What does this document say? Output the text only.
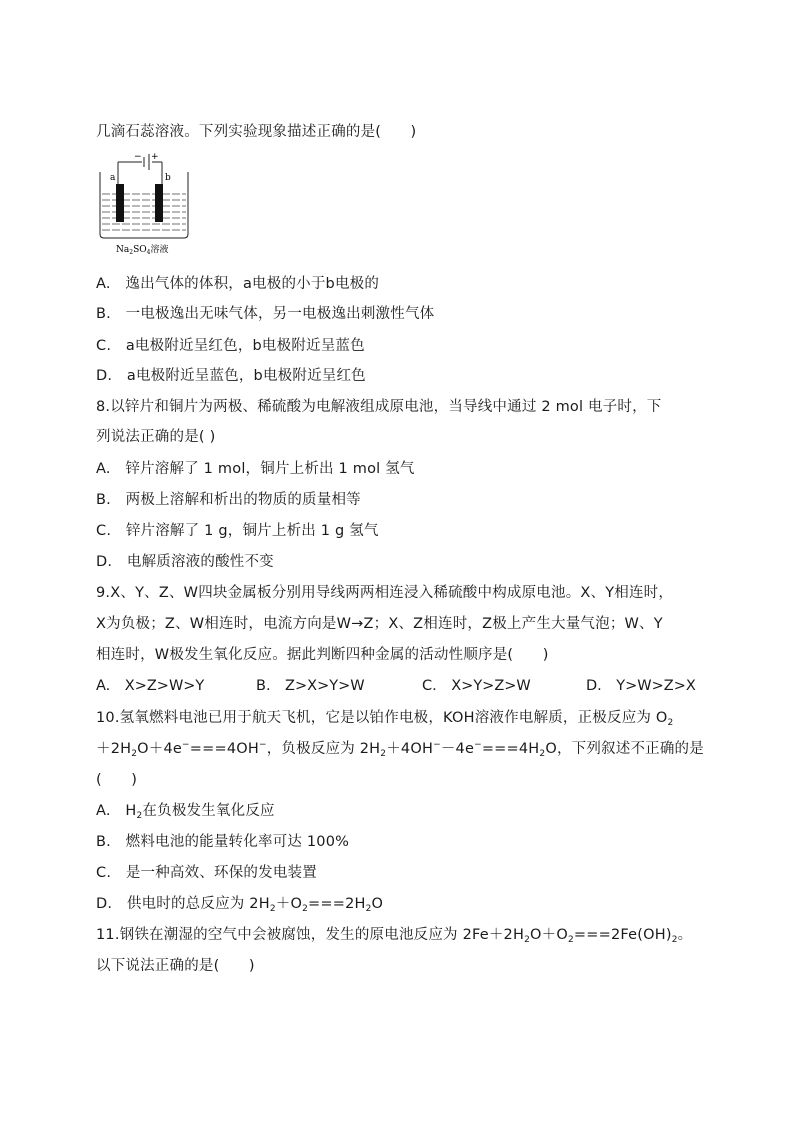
几滴石蕊溶液。下列实验现象描述正确的是(　　)
− +
a	b
$Na_2SO_4$溶液
A.　逸出气体的体积，a电极的小于b电极的
B.　一电极逸出无味气体，另一电极逸出刺激性气体
C.　a电极附近呈红色，b电极附近呈蓝色
D.　a电极附近呈蓝色，b电极附近呈红色
8.以锌片和铜片为两极、稀硫酸为电解液组成原电池，当导线中通过 2 mol 电子时，下
列说法正确的是( )
A.　锌片溶解了 1 mol，铜片上析出 1 mol 氢气
B.　两极上溶解和析出的物质的质量相等
C.　锌片溶解了 1 g，铜片上析出 1 g 氢气
D.　电解质溶液的酸性不变
9.X、Y、Z、W四块金属板分别用导线两两相连浸入稀硫酸中构成原电池。X、Y相连时，
X为负极；Z、W相连时，电流方向是W→Z；X、Z相连时，Z极上产生大量气泡；W、Y
相连时，W极发生氧化反应。据此判断四种金属的活动性顺序是(　　)
A.　X>Z>W>Y	B.　Z>X>Y>W	C.　X>Y>Z>W	D.　Y>W>Z>X
10.氢氧燃料电池已用于航天飞机，它是以铂作电极，KOH溶液作电解质，正极反应为 $O_2$
$+2H_2O+4e^-===4OH^-$，负极反应为 $2H_2+4OH^--4e^-===4H_2O$，下列叙述不正确的是
(　　)
A.　$H_2$在负极发生氧化反应
B.　燃料电池的能量转化率可达 100%
C.　是一种高效、环保的发电装置
D.　供电时的总反应为 $2H_2+O_2===2H_2O$
11.钢铁在潮湿的空气中会被腐蚀，发生的原电池反应为 $2Fe+2H_2O+O_2===2Fe(OH)_2$。
以下说法正确的是(　　)
